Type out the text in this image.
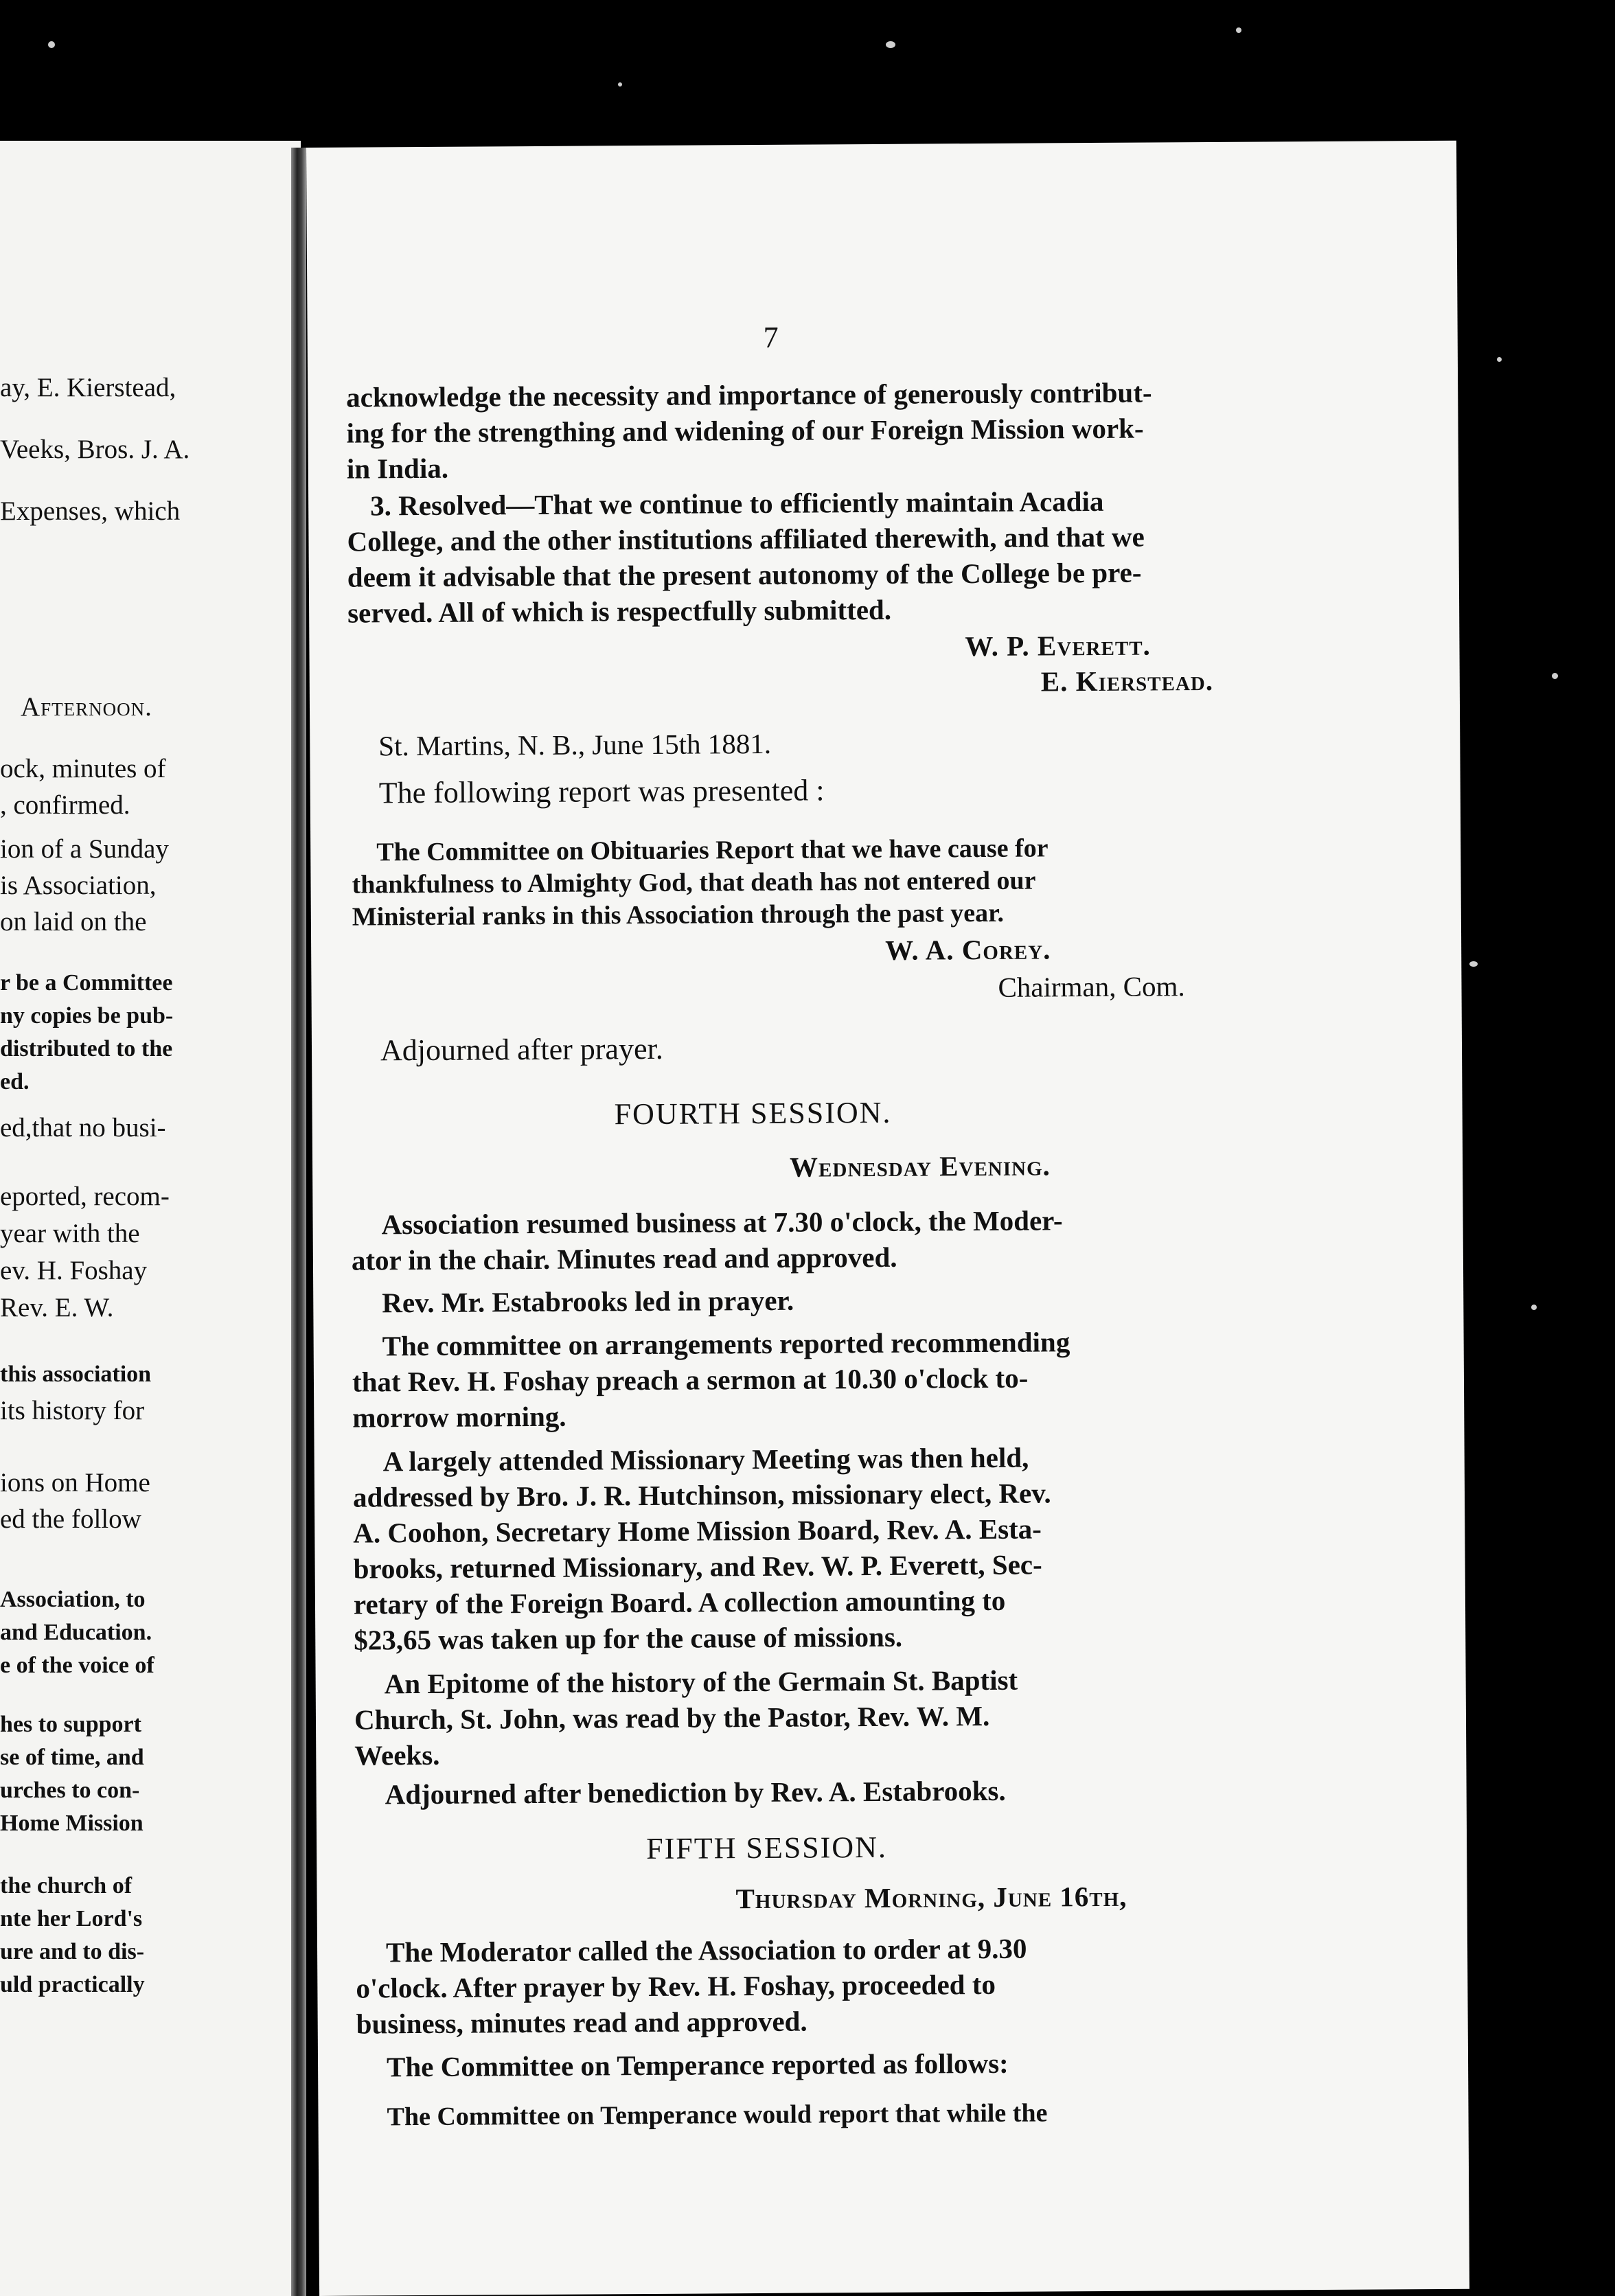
ay, E. Kierstead,
Veeks, Bros. J. A.
Expenses, which
Afternoon.
ock, minutes of
, confirmed.
ion of a Sunday
is Association,
on laid on the
r be a Committee
ny copies be pub-
distributed to the
ed.
ed,that no busi-
eported, recom-
year with the
ev. H. Foshay
Rev. E. W.
this association
its history for
ions on Home
ed the follow
Association, to
and Education.
e of the voice of
hes to support
se of time, and
urches to con-
Home Mission
the church of
nte her Lord's
ure and to dis-
uld practically
7
acknowledge the necessity and importance of generously contribut-
ing for the strengthing and widening of our Foreign Mission work-
in India.
3. Resolved—That we continue to efficiently maintain Acadia
College, and the other institutions affiliated therewith, and that we
deem it advisable that the present autonomy of the College be pre-
served. All of which is respectfully submitted.
W. P. Everett.
E. Kierstead.
St. Martins, N. B., June 15th 1881.
The following report was presented :
The Committee on Obituaries Report that we have cause for
thankfulness to Almighty God, that death has not entered our
Ministerial ranks in this Association through the past year.
W. A. Corey.
Chairman, Com.
Adjourned after prayer.
FOURTH SESSION.
Wednesday Evening.
Association resumed business at 7.30 o'clock, the Moder-
ator in the chair. Minutes read and approved.
Rev. Mr. Estabrooks led in prayer.
The committee on arrangements reported recommending
that Rev. H. Foshay preach a sermon at 10.30 o'clock to-
morrow morning.
A largely attended Missionary Meeting was then held,
addressed by Bro. J. R. Hutchinson, missionary elect, Rev.
A. Coohon, Secretary Home Mission Board, Rev. A. Esta-
brooks, returned Missionary, and Rev. W. P. Everett, Sec-
retary of the Foreign Board. A collection amounting to
$23,65 was taken up for the cause of missions.
An Epitome of the history of the Germain St. Baptist
Church, St. John, was read by the Pastor, Rev. W. M.
Weeks.
Adjourned after benediction by Rev. A. Estabrooks.
FIFTH SESSION.
Thursday Morning, June 16th,
The Moderator called the Association to order at 9.30
o'clock. After prayer by Rev. H. Foshay, proceeded to
business, minutes read and approved.
The Committee on Temperance reported as follows:
The Committee on Temperance would report that while the
